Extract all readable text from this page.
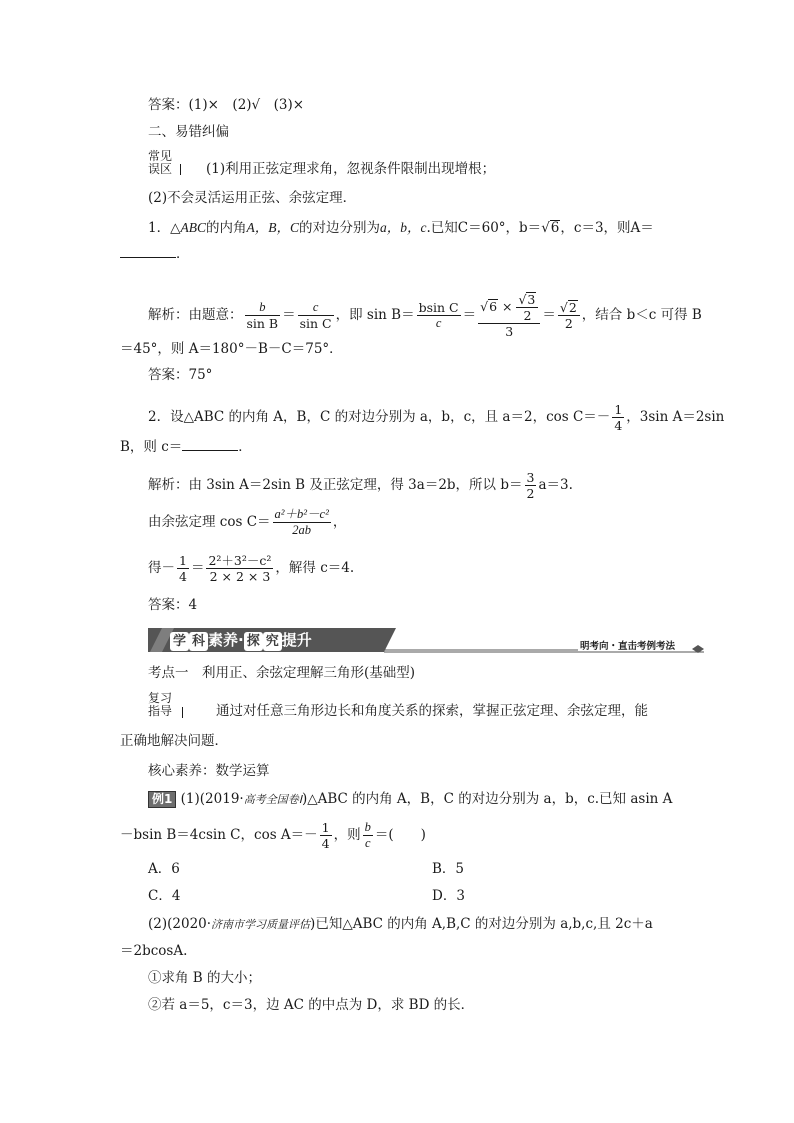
答案：(1)×　(2)√　(3)×
二、易错纠偏
常见
误区	(1)利用正弦定理求角，忽视条件限制出现增根；
(2)不会灵活运用正弦、余弦定理．
1．△ABC的内角A，B，C的对边分别为a，b，c.已知C＝60°，b＝√6，c＝3，则A＝
．
解析：由题意： $\frac{b}{\text{sin B}} = \frac{c}{\text{sin C}}$ ，即 $\sin B= \frac{\text{bsin C}}{c} = \frac{√6 \times \frac{√3}{2}}{3} = \frac{√2}{2}$ ，结合 b＜c 可得 B
＝45°，则 A＝180°－B－C＝75°．
答案：75°
2．设△ABC 的内角 A，B，C 的对边分别为 a，b，c，且 a＝2，$\cos C=- \frac{1}{4}$ ，3sin A＝2sin
B，则 c＝	．
解析：由 3sin A＝2sin B 及正弦定理，得 3a＝2b，所以 $b= \frac{3}{2} a=3$.
由余弦定理 $\cos C= \frac{\text{a²＋b²－c²}}{2ab}$ ，
得－ $\frac{1}{4} = \frac{\text{2²＋3²－c²}}{2 \times 2 \times 3}$ ，解得 c＝4.
答案：4
学 科 素养· 探 究 提升	明考向・直击考例考法
考点一　利用正、余弦定理解三角形(基础型)
复习
指导	通过对任意三角形边长和角度关系的探索，掌握正弦定理、余弦定理，能
正确地解决问题．
核心素养：数学运算
例1 (1)(2019·高考全国卷Ⅰ)△ABC 的内角 A，B，C 的对边分别为 a，b，c.已知 asin A
－bsin B＝4csin C，$\cos A=- \frac{1}{4}$ ，则 $\frac{b}{c}$ ＝(　　)
A．6	B．5
C．4	D．3
(2)(2020·济南市学习质量评估)已知△ABC 的内角 A,B,C 的对边分别为 a,b,c,且 2c＋a
＝2bcosA.
①求角 B 的大小；
②若 a＝5，c＝3，边 AC 的中点为 D，求 BD 的长．
